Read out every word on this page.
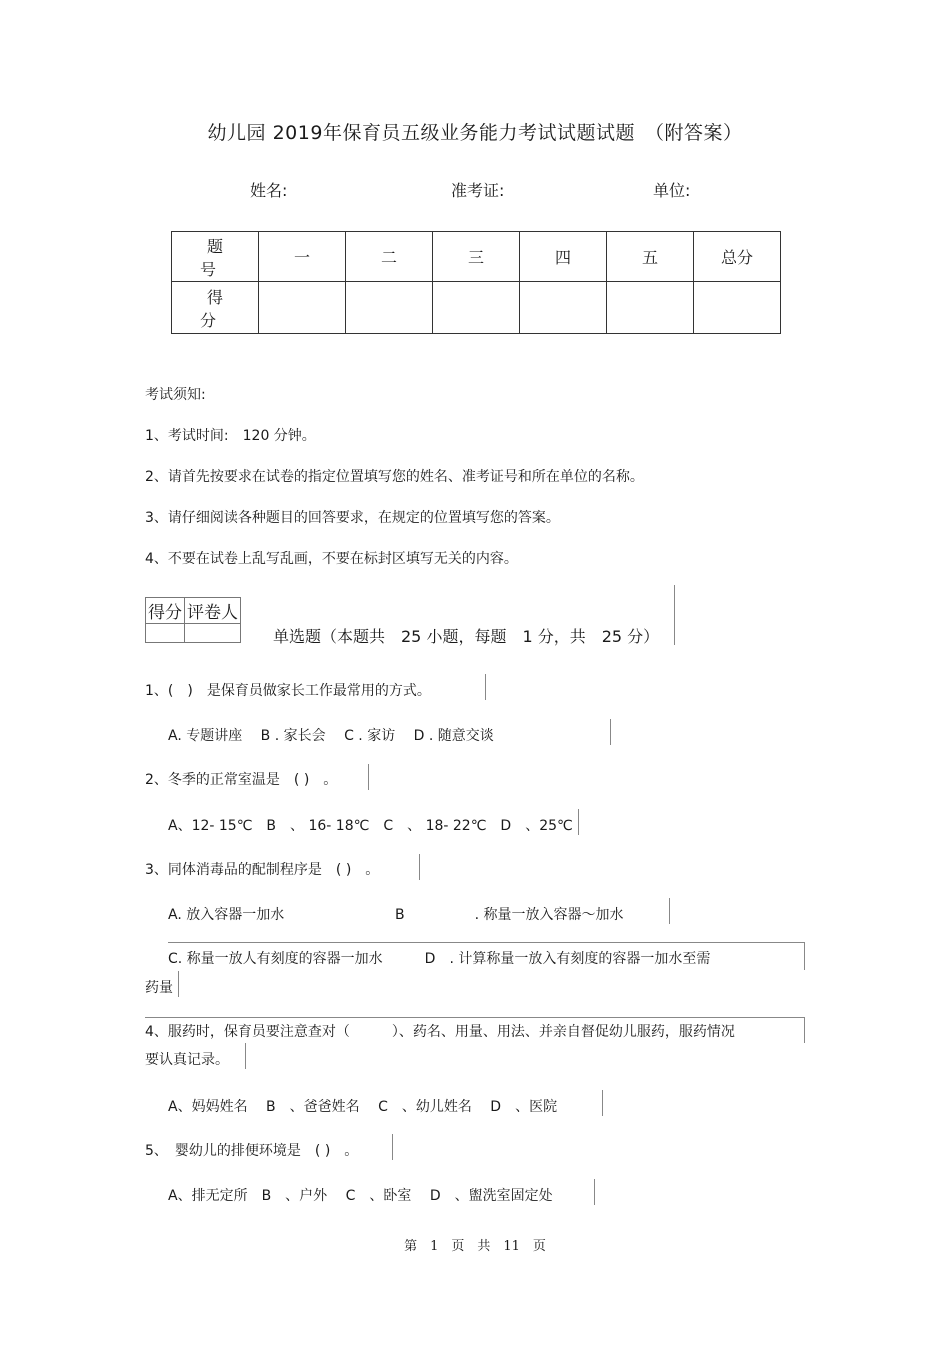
幼儿园 2019年保育员五级业务能力考试试题试题　（附答案）
姓名:	准考证:	单位:
题　号	一	二	三	四	五	总分
得　分						
考试须知:
1、考试时间:　120 分钟。
2、请首先按要求在试卷的指定位置填写您的姓名、准考证号和所在单位的名称。
3、请仔细阅读各种题目的回答要求，在规定的位置填写您的答案。
4、不要在试卷上乱写乱画，不要在标封区填写无关的内容。
得分	评卷人

单选题（本题共　25 小题，每题　1 分，共　25 分）
1、(　)　是保育员做家长工作最常用的方式。
A. 专题讲座　 B . 家长会　 C . 家访　 D . 随意交谈
2、冬季的正常室温是　( )　。
A、12- 15℃　B　、 16- 18℃　C　、 18- 22℃　D　、25℃
3、同体消毒品的配制程序是　( )　。
A. 放入容器一加水	B　　　　　. 称量一放入容器～加水
C. 称量一放人有刻度的容器一加水　　　D　. 计算称量一放入有刻度的容器一加水至需
药量
4、服药时，保育员要注意查对（　　　）、药名、用量、用法、并亲自督促幼儿服药，服药情况
要认真记录。
A、妈妈姓名　 B　、爸爸姓名　 C　、幼儿姓名　 D　、医院
5、　婴幼儿的排便环境是　( )　。
A、排无定所　B　、户外　 C　、卧室　 D　、盥洗室固定处
第　1　页　共　11　页
